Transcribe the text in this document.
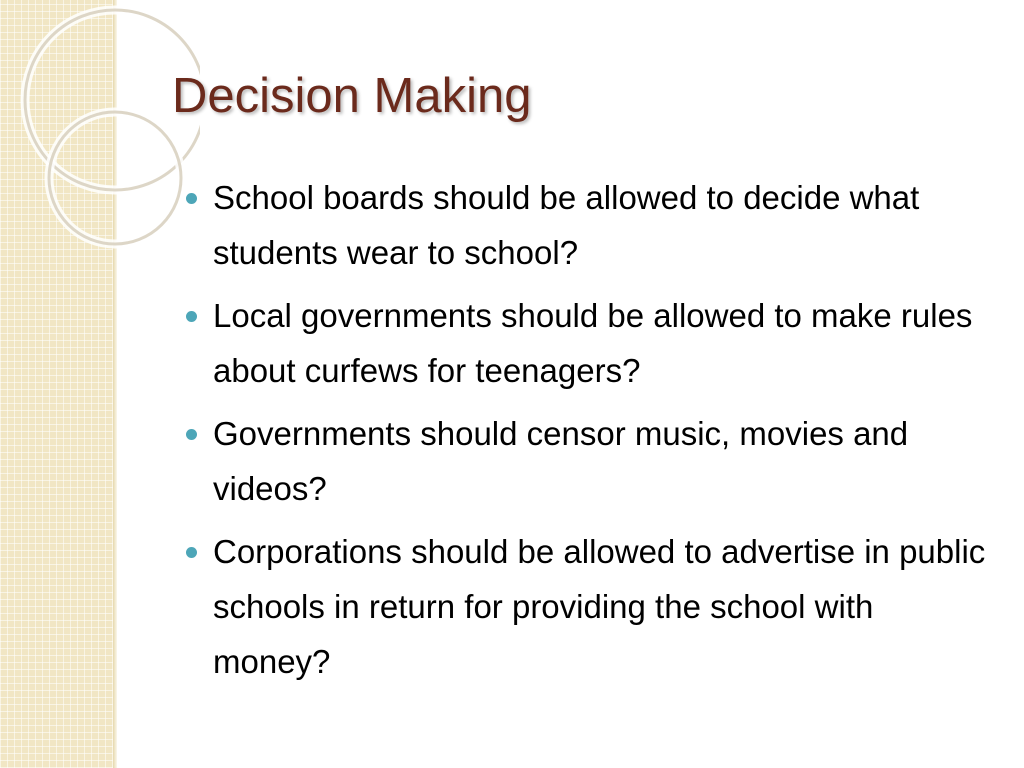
Decision Making
School boards should be allowed to decide what students wear to school?
Local governments should be allowed to make rules about curfews for teenagers?
Governments should censor music, movies and videos?
Corporations should be allowed to advertise in public schools in return for providing the school with money?
